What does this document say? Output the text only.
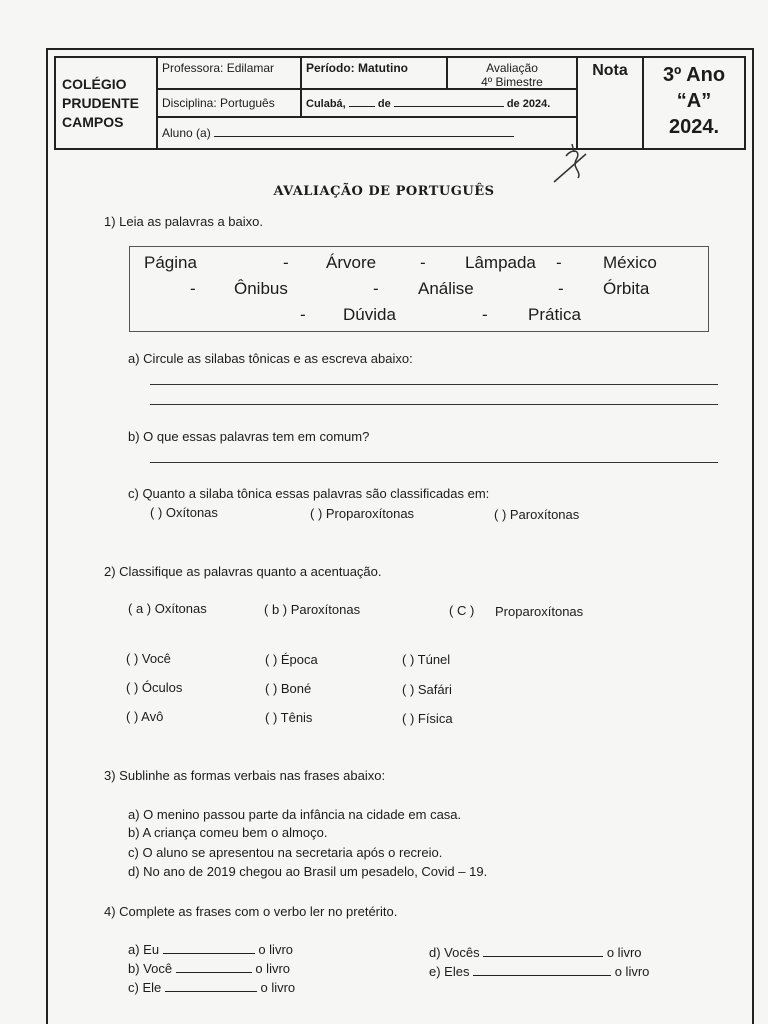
COLÉGIO
PRUDENTE
CAMPOS
Professora: Edilamar	Período: Matutino	Avaliação
4º Bimestre
Disciplina: Português	Culabá,	de	de 2024.
Aluno (a)
Nota	3º Ano
“A”
2024.
AVALIAÇÃO DE PORTUGUÊS
1) Leia as palavras a baixo.
Página	- Árvore	- Lâmpada - México
- Ônibus	- Análise	- Órbita
- Dúvida	- Prática
a) Circule as silabas tônicas e as escreva abaixo:
b) O que essas palavras tem em comum?
c) Quanto a silaba tônica essas palavras são classificadas em:
( ) Oxítonas	( ) Proparoxítonas	( ) Paroxítonas
2) Classifique as palavras quanto a acentuação.
( a ) Oxítonas	( b ) Paroxítonas	( C ) Proparoxítonas
( ) Você	( ) Época	( ) Túnel
( ) Óculos	( ) Boné	( ) Safári
( ) Avô	( ) Tênis	( ) Física
3) Sublinhe as formas verbais nas frases abaixo:
a) O menino passou parte da infância na cidade em casa.
b) A criança comeu bem o almoço.
c) O aluno se apresentou na secretaria após o recreio.
d) No ano de 2019 chegou ao Brasil um pesadelo, Covid – 19.
4) Complete as frases com o verbo ler no pretérito.
a) Eu	o livro
b) Você	o livro
c) Ele	o livro
d) Vocês	o livro
e) Eles	o livro
